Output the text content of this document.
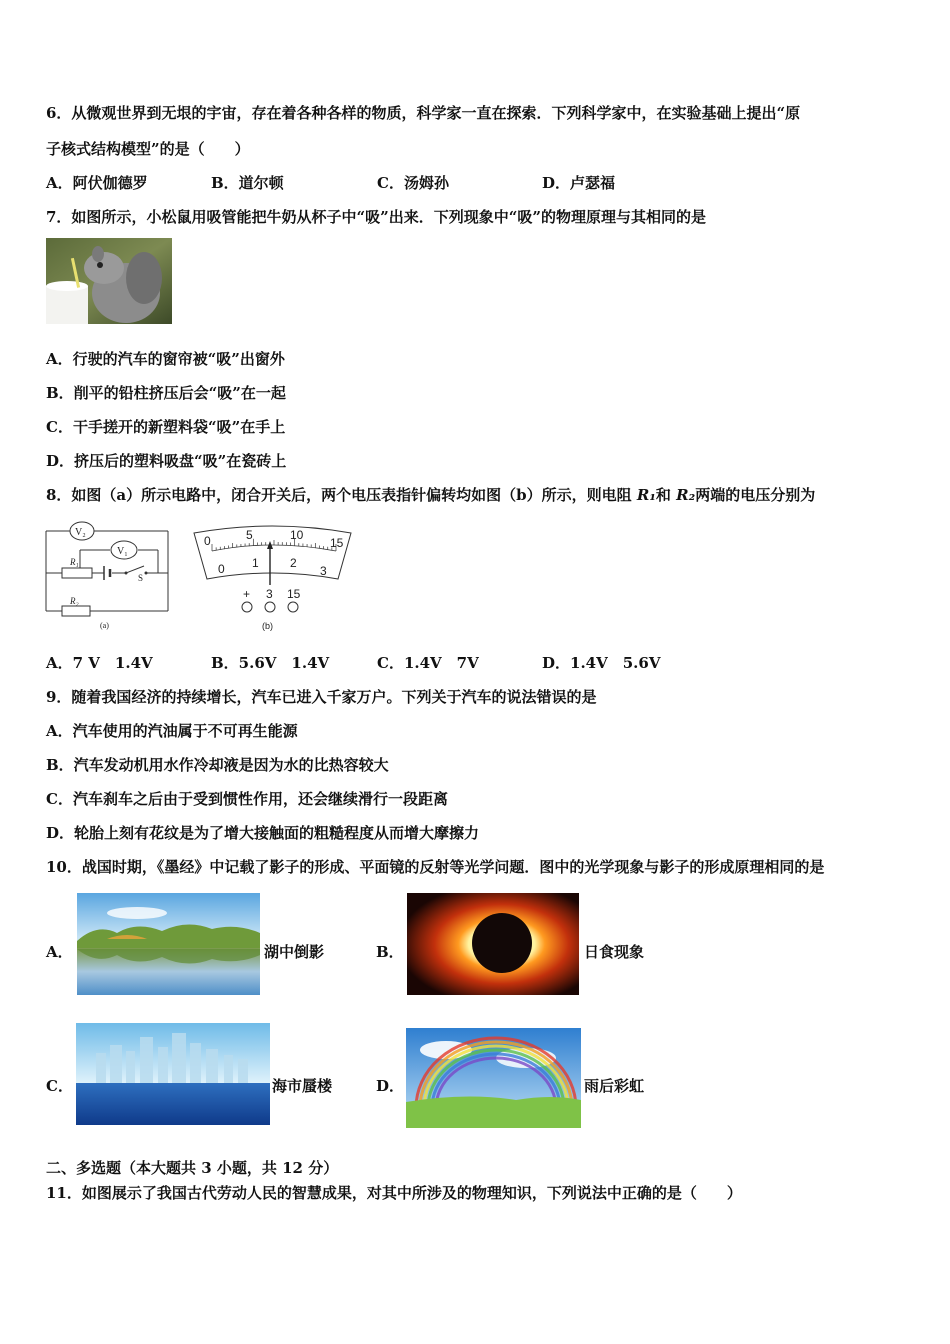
6．从微观世界到无垠的宇宙，存在着各种各样的物质，科学家一直在探索．下列科学家中，在实验基础上提出“原
子核式结构模型”的是（　　）
A．阿伏伽德罗	B．道尔顿	C．汤姆孙	D．卢瑟福
7．如图所示，小松鼠用吸管能把牛奶从杯子中“吸”出来．下列现象中“吸”的物理原理与其相同的是
A．行驶的汽车的窗帘被“吸”出窗外
B．削平的铅柱挤压后会“吸”在一起
C．干手搓开的新塑料袋“吸”在手上
D．挤压后的塑料吸盘“吸”在瓷砖上
8．如图（a）所示电路中，闭合开关后，两个电压表指针偏转均如图（b）所示，则电阻 R₁和 R₂两端的电压分别为
V₂
V₁
R₁
R₂
S
(a)
0	5	10
15
0 1	2
3
+ 3 15
(b)
A．7 V　1.4V	B．5.6V　1.4V	C．1.4V　7V	D．1.4V　5.6V
9．随着我国经济的持续增长，汽车已进入千家万户。下列关于汽车的说法错误的是
A．汽车使用的汽油属于不可再生能源
B．汽车发动机用水作冷却液是因为水的比热容较大
C．汽车刹车之后由于受到惯性作用，还会继续滑行一段距离
D．轮胎上刻有花纹是为了增大接触面的粗糙程度从而增大摩擦力
10．战国时期，《墨经》中记载了影子的形成、平面镜的反射等光学问题．图中的光学现象与影子的形成原理相同的是
A．	湖中倒影	B．	日食现象
C．	海市蜃楼	D．	雨后彩虹
二、多选题（本大题共 3 小题，共 12 分）
11．如图展示了我国古代劳动人民的智慧成果，对其中所涉及的物理知识，下列说法中正确的是（　　）
